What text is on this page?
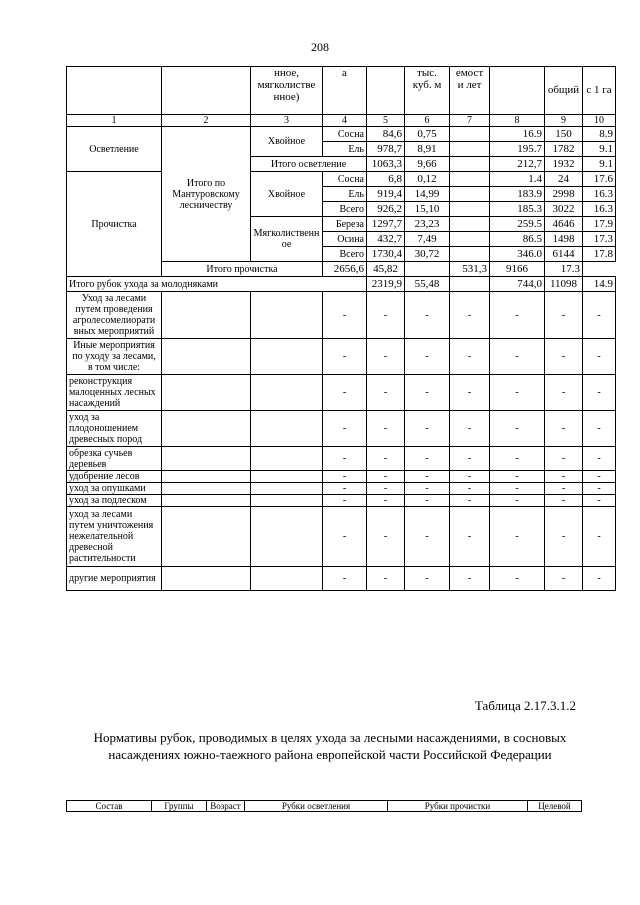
208
		нное, мягколистве нное)	а		тыс. куб. м	емост и лет		общий	с 1 га
1	2	3	4	5	6	7	8	9	10
Осветление	Итого по Мантуровскому лесничеству	Хвойное	Сосна	84,6	0,75		16.9	150	8.9
			Ель	978,7	8,91		195.7	1782	9.1
		Итого осветление		1063,3	9,66		212,7	1932	9.1
Прочистка		Хвойное	Сосна	6,8	0,12		1.4	24	17.6
			Ель	919,4	14,99		183.9	2998	16.3
			Всего	926,2	15,10		185.3	3022	16.3
		Мягколиственн ое	Береза	1297,7	23,23		259.5	4646	17.9
			Осина	432,7	7,49		86.5	1498	17.3
			Всего	1730,4	30,72		346.0	6144	17.8
	Итого прочистка		2656,6	45,82		531,3	9166	17.3	
Итого рубок ухода за молодняками				2319,9	55,48		744,0	11098	14.9
Уход за лесами путем проведения агролесомелиорати вных мероприятий			-	-	-	-	-	-	-
Иные мероприятия по уходу за лесами, в том числе:			-	-	-	-	-	-	-
реконструкция малоценных лесных насаждений			-	-	-	-	-	-	-
уход за плодоношением древесных пород			-	-	-	-	-	-	-
обрезка сучьев деревьев			-	-	-	-	-	-	-
удобрение лесов			-	-	-	-	-	-	-
уход за опушками			-	-	-	-	-	-	-
уход за подлеском			-	-	-	-	-	-	-
уход за лесами путем уничтожения нежелательной древесной растительности			-	-	-	-	-	-	-
другие мероприятия			-	-	-	-	-	-	-
Таблица 2.17.3.1.2
Нормативы рубок, проводимых в целях ухода за лесными насаждениями, в сосновых насаждениях южно-таежного района европейской части Российской Федерации
Состав	Группы	Возраст	Рубки осветления	Рубки прочистки	Целевой
